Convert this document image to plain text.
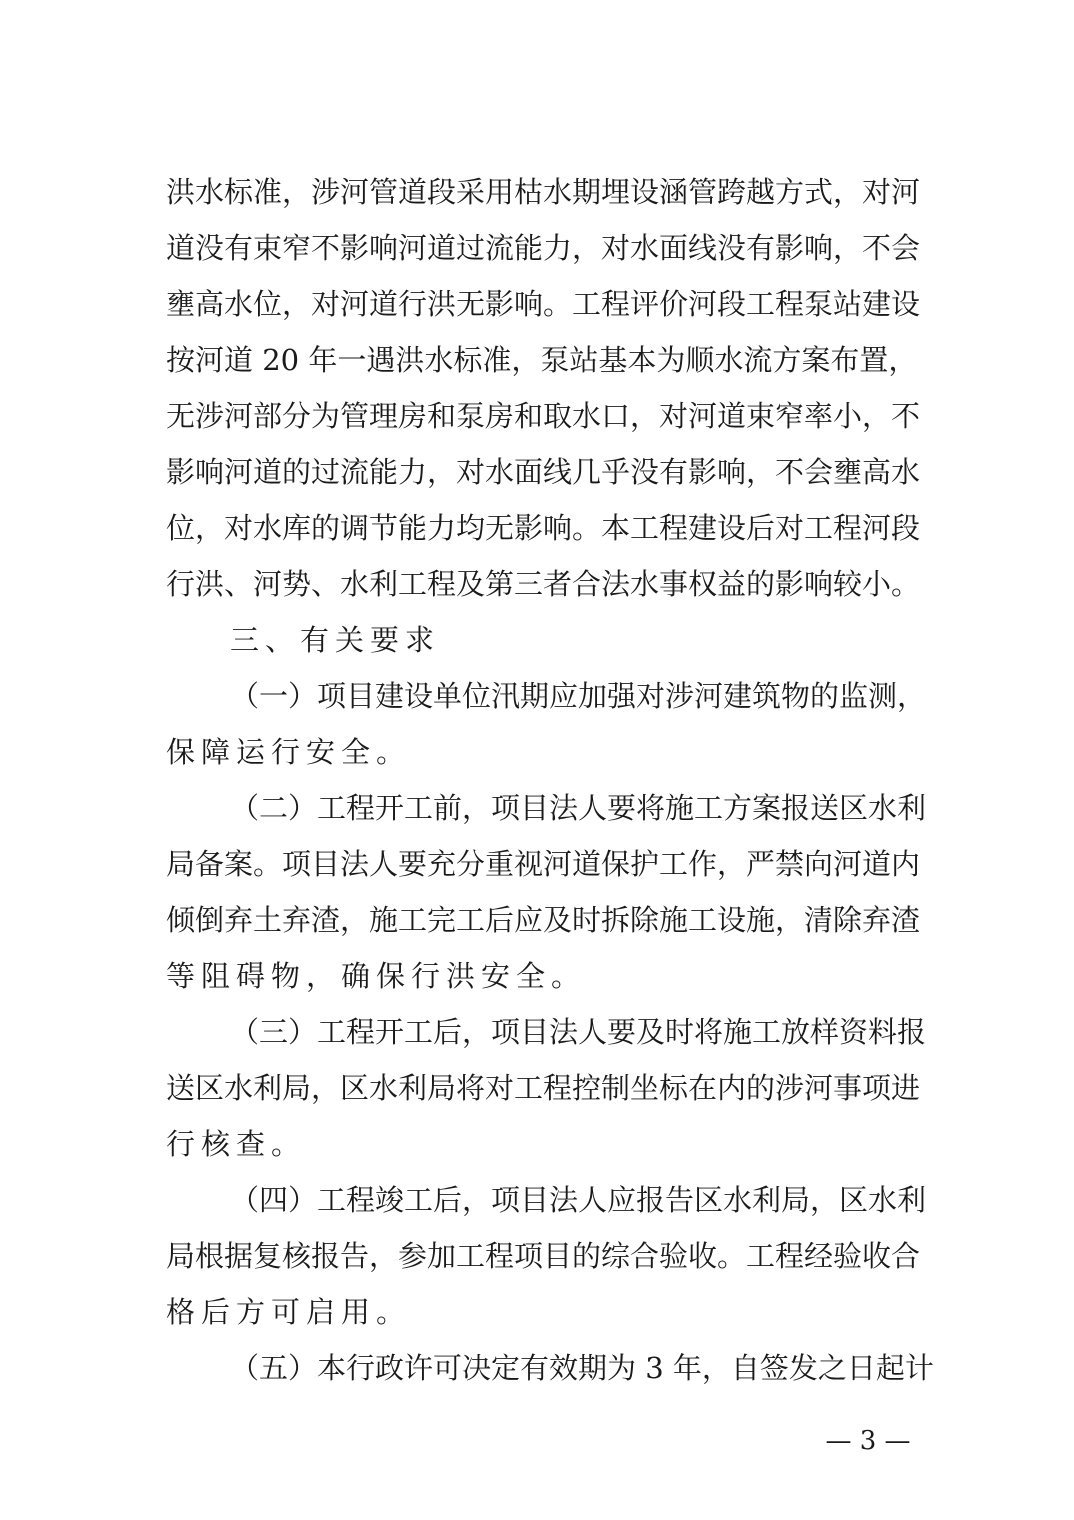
洪水标准，涉河管道段采用枯水期埋设涵管跨越方式，对河
道没有束窄不影响河道过流能力，对水面线没有影响，不会
壅高水位，对河道行洪无影响。工程评价河段工程泵站建设
按河道 20 年一遇洪水标准，泵站基本为顺水流方案布置，
无涉河部分为管理房和泵房和取水口，对河道束窄率小，不
影响河道的过流能力，对水面线几乎没有影响，不会壅高水
位，对水库的调节能力均无影响。本工程建设后对工程河段
行洪、河势、水利工程及第三者合法水事权益的影响较小。
三、有关要求
（一）项目建设单位汛期应加强对涉河建筑物的监测，
保障运行安全。
（二）工程开工前，项目法人要将施工方案报送区水利
局备案。项目法人要充分重视河道保护工作，严禁向河道内
倾倒弃土弃渣，施工完工后应及时拆除施工设施，清除弃渣
等阻碍物，确保行洪安全。
（三）工程开工后，项目法人要及时将施工放样资料报
送区水利局，区水利局将对工程控制坐标在内的涉河事项进
行核查。
（四）工程竣工后，项目法人应报告区水利局，区水利
局根据复核报告，参加工程项目的综合验收。工程经验收合
格后方可启用。
（五）本行政许可决定有效期为 3 年，自签发之日起计
— 3 —
